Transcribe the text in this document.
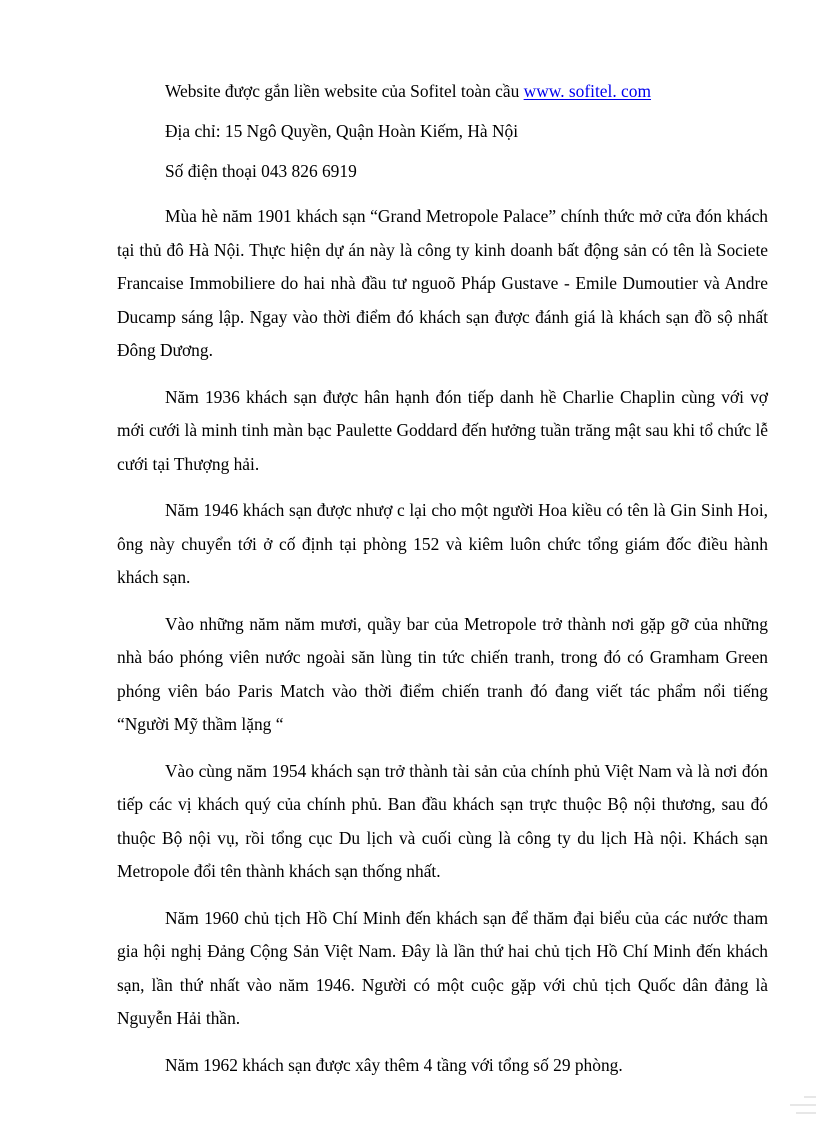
Website được gắn liền website của Sofitel toàn cầu www. sofitel. com
Địa chỉ: 15 Ngô Quyền, Quận Hoàn Kiếm, Hà Nội
Số điện thoại 043 826 6919

Mùa hè năm 1901 khách sạn “Grand Metropole Palace” chính thức mở cửa đón khách tại thủ đô Hà Nội. Thực hiện dự án này là công ty kinh doanh bất động sản có tên là Societe Francaise Immobiliere do hai nhà đầu tư nguoõ Pháp Gustave - Emile Dumoutier và Andre Ducamp sáng lập. Ngay vào thời điểm đó khách sạn được đánh giá là khách sạn đồ sộ nhất Đông Dương.

Năm 1936 khách sạn được hân hạnh đón tiếp danh hề Charlie Chaplin cùng với vợ mới cưới là minh tinh màn bạc Paulette Goddard đến hưởng tuần trăng mật sau khi tổ chức lễ cưới tại Thượng hải.

Năm 1946 khách sạn được nhượ c lại cho một người Hoa kiều có tên là Gin Sinh Hoi, ông này chuyển tới ở cố định tại phòng 152 và kiêm luôn chức tổng giám đốc điều hành khách sạn.

Vào những năm năm mươi, quầy bar của Metropole trở thành nơi gặp gỡ của những nhà báo phóng viên nước ngoài săn lùng tin tức chiến tranh, trong đó có Gramham Green phóng viên báo Paris Match vào thời điểm chiến tranh đó đang viết tác phẩm nổi tiếng “Người Mỹ thầm lặng “

Vào cùng năm 1954 khách sạn trở thành tài sản của chính phủ Việt Nam và là nơi đón tiếp các vị khách quý của chính phủ. Ban đầu khách sạn trực thuộc Bộ nội thương, sau đó thuộc Bộ nội vụ, rồi tổng cục Du lịch và cuối cùng là công ty du lịch Hà nội. Khách sạn Metropole đổi tên thành khách sạn thống nhất.

Năm 1960 chủ tịch Hồ Chí Minh đến khách sạn để thăm đại biểu của các nước tham gia hội nghị Đảng Cộng Sản Việt Nam. Đây là lần thứ hai chủ tịch Hồ Chí Minh đến khách sạn, lần thứ nhất vào năm 1946. Người có một cuộc gặp với chủ tịch Quốc dân đảng là Nguyễn Hải thần.

Năm 1962 khách sạn được xây thêm 4 tầng với tổng số 29 phòng.
